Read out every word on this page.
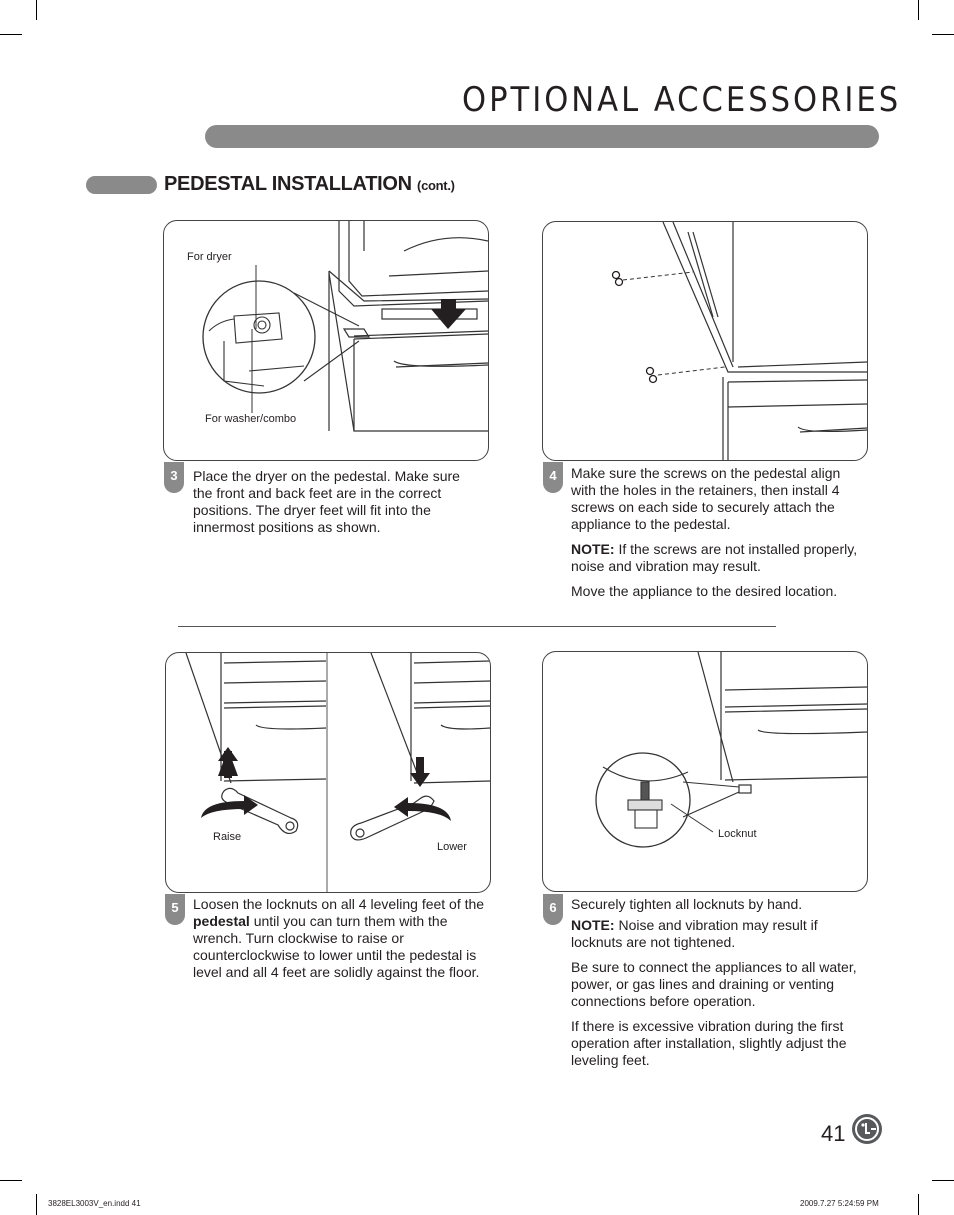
OPTIONAL ACCESSORIES
PEDESTAL INSTALLATION (cont.)
For dryer
For washer/combo
3	Place the dryer on the pedestal. Make sure the front and back feet are in the correct positions. The dryer feet will fit into the innermost positions as shown.

4	Make sure the screws on the pedestal align with the holes in the retainers, then install 4 screws on each side to securely attach the appliance to the pedestal.

NOTE: If the screws are not installed properly, noise and vibration may result.

Move the appliance to the desired location.

Raise
Lower
5	Loosen the locknuts on all 4 leveling feet of the pedestal until you can turn them with the wrench. Turn clockwise to raise or counterclockwise to lower until the pedestal is level and all 4 feet are solidly against the floor.

Locknut
6	Securely tighten all locknuts by hand.

NOTE: Noise and vibration may result if locknuts are not tightened.

Be sure to connect the appliances to all water, power, or gas lines and draining or venting connections before operation.

If there is excessive vibration during the first operation after installation, slightly adjust the leveling feet.

41
3828EL3003V_en.indd 41	2009.7.27 5:24:59 PM
